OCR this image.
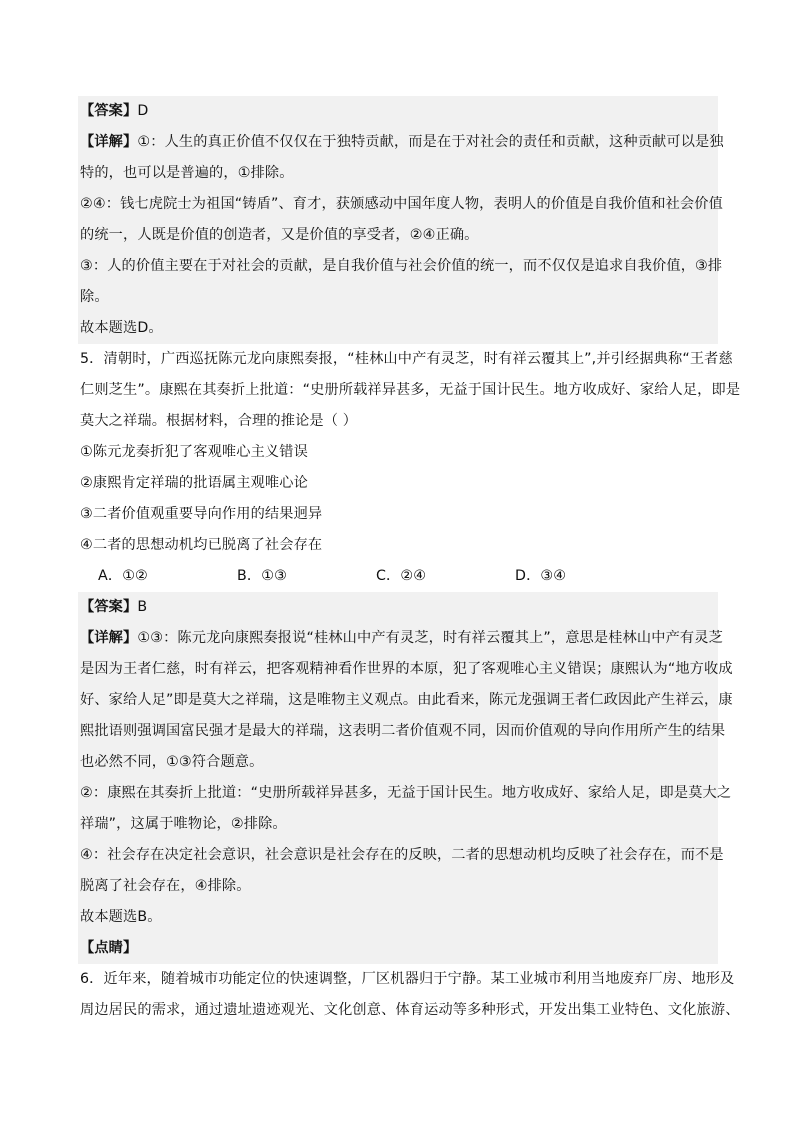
【答案】D
【详解】①：人生的真正价值不仅仅在于独特贡献，而是在于对社会的责任和贡献，这种贡献可以是独
特的，也可以是普遍的，①排除。
②④：钱七虎院士为祖国“铸盾”、育才，获颁感动中国年度人物，表明人的价值是自我价值和社会价值
的统一，人既是价值的创造者，又是价值的享受者，②④正确。
③：人的价值主要在于对社会的贡献，是自我价值与社会价值的统一，而不仅仅是追求自我价值，③排
除。
故本题选D。
5．清朝时，广西巡抚陈元龙向康熙奏报，“桂林山中产有灵芝，时有祥云覆其上”,并引经据典称“王者慈
仁则芝生”。康熙在其奏折上批道：“史册所载祥异甚多，无益于国计民生。地方收成好、家给人足，即是
莫大之祥瑞。根据材料，合理的推论是（ ）
①陈元龙奏折犯了客观唯心主义错误
②康熙肯定祥瑞的批语属主观唯心论
③二者价值观重要导向作用的结果迥异
④二者的思想动机均已脱离了社会存在
A．①②	B．①③	C．②④	D．③④
【答案】B
【详解】①③：陈元龙向康熙奏报说“桂林山中产有灵芝，时有祥云覆其上”，意思是桂林山中产有灵芝
是因为王者仁慈，时有祥云，把客观精神看作世界的本原，犯了客观唯心主义错误；康熙认为“地方收成
好、家给人足”即是莫大之祥瑞，这是唯物主义观点。由此看来，陈元龙强调王者仁政因此产生祥云，康
熙批语则强调国富民强才是最大的祥瑞，这表明二者价值观不同，因而价值观的导向作用所产生的结果
也必然不同，①③符合题意。
②：康熙在其奏折上批道：“史册所载祥异甚多，无益于国计民生。地方收成好、家给人足，即是莫大之
祥瑞”，这属于唯物论，②排除。
④：社会存在决定社会意识，社会意识是社会存在的反映，二者的思想动机均反映了社会存在，而不是
脱离了社会存在，④排除。
故本题选B。
【点睛】
6．近年来，随着城市功能定位的快速调整，厂区机器归于宁静。某工业城市利用当地废弃厂房、地形及
周边居民的需求，通过遗址遗迹观光、文化创意、体育运动等多种形式，开发出集工业特色、文化旅游、
